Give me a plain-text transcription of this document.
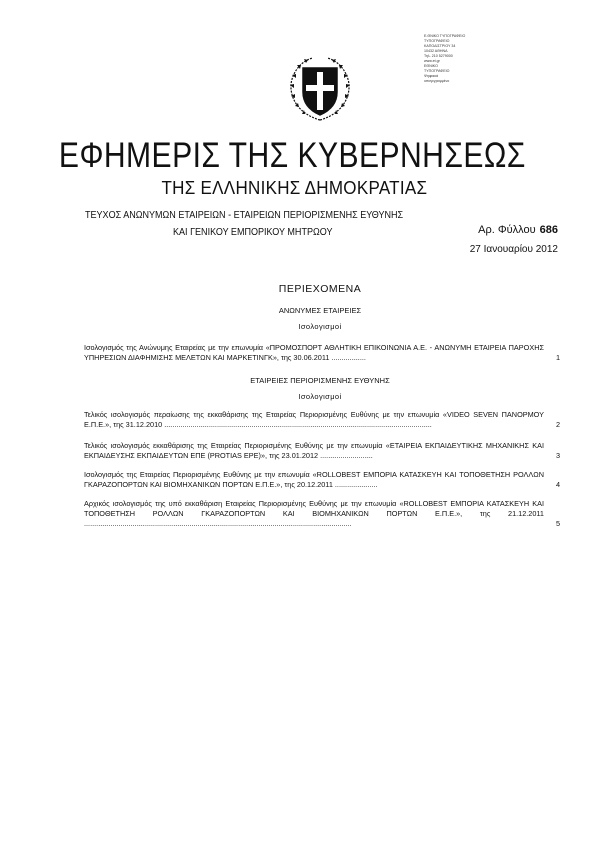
Ε.ΘΝΙΚΟ ΤΥΠΟΓΡΑΦΕΙΟ
ΤΥΠΟΓΡΑΦΕΙΟ
ΚΑΠΟΔΙΣΤΡΙΟΥ 34
10432 ΑΘΗΝΑ
Τηλ. 210 5279000
www.et.gr
ΕΘΝΙΚΟ
ΤΥΠΟΓΡΑΦΕΙΟ
Ψηφιακά
υπογεγραμμένο
ΕΦΗΜΕΡΙΣ ΤΗΣ ΚΥΒΕΡΝΗΣΕΩΣ
ΤΗΣ ΕΛΛΗΝΙΚΗΣ ΔΗΜΟΚΡΑΤΙΑΣ
ΤΕΥΧΟΣ ΑΝΩΝΥΜΩΝ ΕΤΑΙΡΕΙΩΝ - ΕΤΑΙΡΕΙΩΝ ΠΕΡΙΟΡΙΣΜΕΝΗΣ ΕΥΘΥΝΗΣ
ΚΑΙ ΓΕΝΙΚΟΥ ΕΜΠΟΡΙΚΟΥ ΜΗΤΡΩΟΥ	Αρ. Φύλλου 686
27 Ιανουαρίου 2012
ΠΕΡΙΕΧΟΜΕΝΑ
ΑΝΩΝΥΜΕΣ ΕΤΑΙΡΕΙΕΣ
Ισολογισμοί
Ισολογισμός της Ανώνυμης Εταιρείας με την επωνυμία «ΠΡΟΜΟΣΠΟΡΤ ΑΘΛΗΤΙΚΗ ΕΠΙΚΟΙΝΩΝΙΑ Α.Ε. - ΑΝΩΝΥΜΗ ΕΤΑΙΡΕΙΑ ΠΑΡΟΧΗΣ ΥΠΗΡΕΣΙΩΝ ΔΙΑΦΗΜΙΣΗΣ ΜΕΛΕΤΩΝ ΚΑΙ ΜΑΡΚΕΤΙΝΓΚ», της 30.06.2011 .................	1
ΕΤΑΙΡΕΙΕΣ ΠΕΡΙΟΡΙΣΜΕΝΗΣ ΕΥΘΥΝΗΣ
Ισολογισμοί
Τελικός ισολογισμός περαίωσης της εκκαθάρισης της Εταιρείας Περιορισμένης Ευθύνης με την επωνυμία «VIDEO SEVEN ΠΑΝΟΡΜΟΥ Ε.Π.Ε.», της 31.12.2010 ....................................................................................................................................	2
Τελικός ισολογισμός εκκαθάρισης της Εταιρείας Περιορισμένης Ευθύνης με την επωνυμία «ΕΤΑΙΡΕΙΑ ΕΚΠΑΙΔΕΥΤΙΚΗΣ ΜΗΧΑΝΙΚΗΣ ΚΑΙ ΕΚΠΑΙΔΕΥΣΗΣ ΕΚΠΑΙΔΕΥΤΩΝ ΕΠΕ (PROTIAS EPE)», της 23.01.2012 ..........................	3
Ισολογισμός της Εταιρείας Περιορισμένης Ευθύνης με την επωνυμία «ROLLOBEST ΕΜΠΟΡΙΑ ΚΑΤΑΣΚΕΥΗ ΚΑΙ ΤΟΠΟΘΕΤΗΣΗ ΡΟΛΛΩΝ ΓΚΑΡΑΖΟΠΟΡΤΩΝ ΚΑΙ ΒΙΟΜΗΧΑΝΙΚΩΝ ΠΟΡΤΩΝ Ε.Π.Ε.», της 20.12.2011 .....................	4
Αρχικός ισολογισμός της υπό εκκαθάριση Εταιρείας Περιορισμένης Ευθύνης με την επωνυμία «ROLLOBEST ΕΜΠΟΡΙΑ ΚΑΤΑΣΚΕΥΗ ΚΑΙ ΤΟΠΟΘΕΤΗΣΗ ΡΟΛΛΩΝ ΓΚΑΡΑΖΟΠΟΡΤΩΝ ΚΑΙ ΒΙΟΜΗΧΑΝΙΚΩΝ ΠΟΡΤΩΝ Ε.Π.Ε.», της 21.12.2011 ....................................................................................................................................	5
